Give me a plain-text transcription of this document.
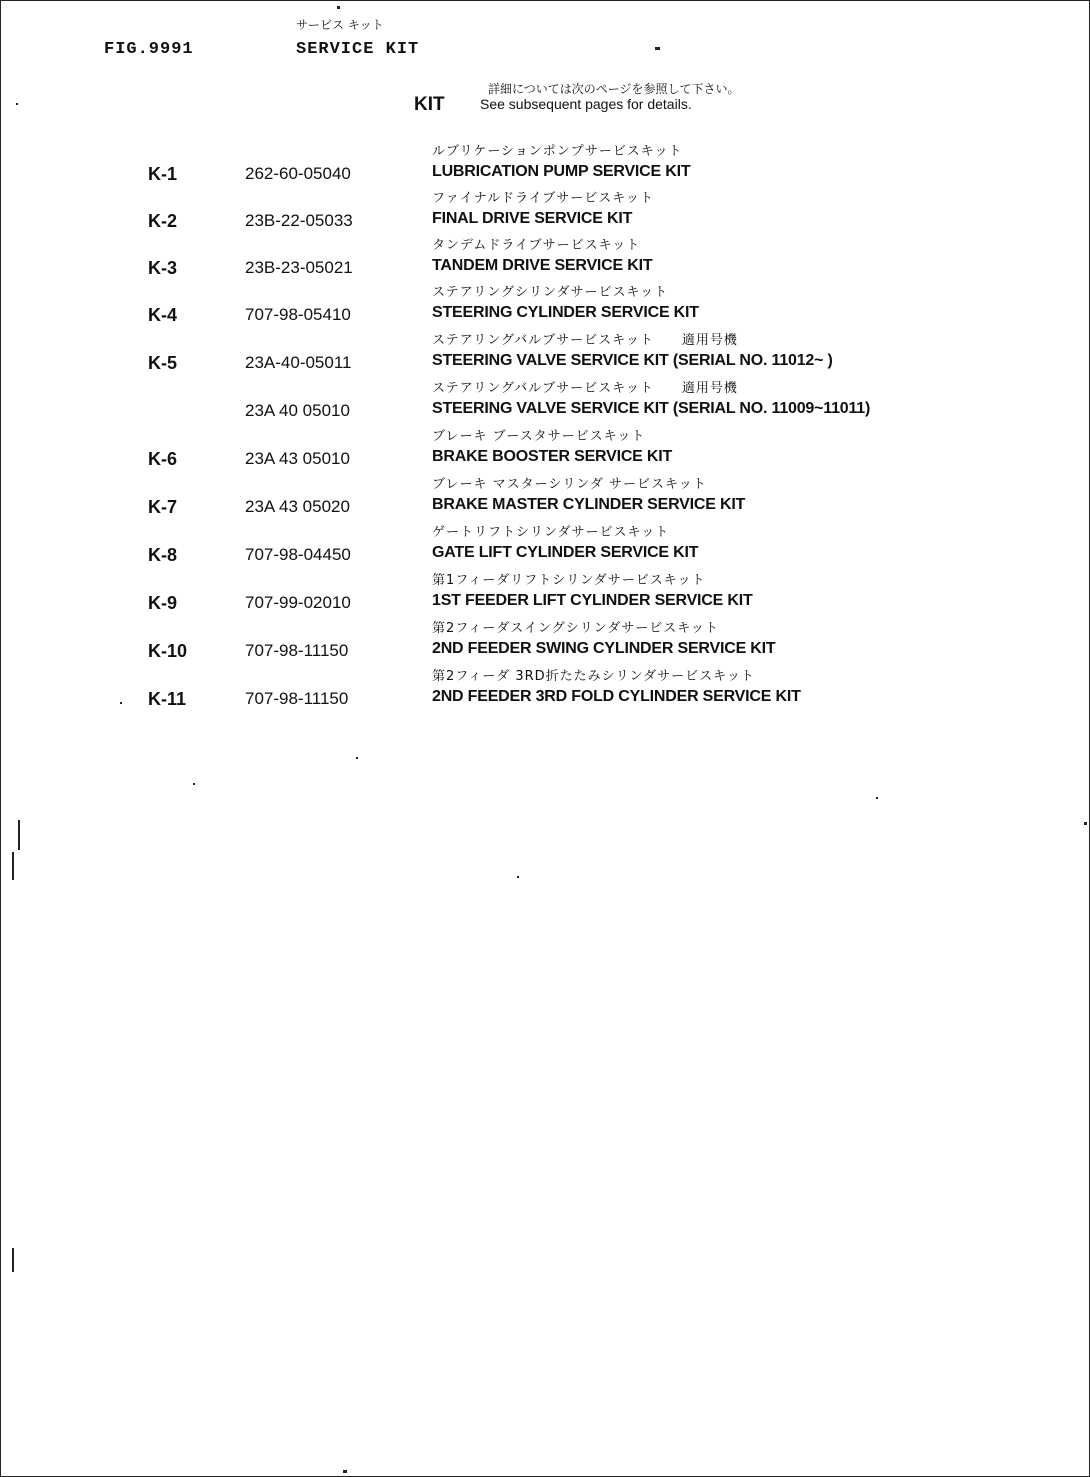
FIG.9991
サービス キット
SERVICE KIT
KIT
詳細については次のページを参照して下さい。
See subsequent pages for details.
ルブリケーションポンプサービスキット
K-1	262-60-05040	LUBRICATION PUMP SERVICE KIT
ファイナルドライブサービスキット
K-2	23B-22-05033	FINAL DRIVE SERVICE KIT
タンデムドライブサービスキット
K-3	23B-23-05021	TANDEM DRIVE SERVICE KIT
ステアリングシリンダサービスキット
K-4	707-98-05410	STEERING CYLINDER SERVICE KIT
ステアリングバルブサービスキット　　適用号機
K-5	23A-40-05011	STEERING VALVE SERVICE KIT (SERIAL NO. 11012~ )
ステアリングバルブサービスキット　　適用号機
23A 40 05010	STEERING VALVE SERVICE KIT (SERIAL NO. 11009~11011)
ブレーキ ブースタサービスキット
K-6	23A 43 05010	BRAKE BOOSTER SERVICE KIT
ブレーキ マスターシリンダ サービスキット
K-7	23A 43 05020	BRAKE MASTER CYLINDER SERVICE KIT
ゲートリフトシリンダサービスキット
K-8	707-98-04450	GATE LIFT CYLINDER SERVICE KIT
第1フィーダリフトシリンダサービスキット
K-9	707-99-02010	1ST FEEDER LIFT CYLINDER SERVICE KIT
第2フィーダスイングシリンダサービスキット
K-10	707-98-11150	2ND FEEDER SWING CYLINDER SERVICE KIT
第2フィーダ 3RD折たたみシリンダサービスキット
K-11	707-98-11150	2ND FEEDER 3RD FOLD CYLINDER SERVICE KIT
